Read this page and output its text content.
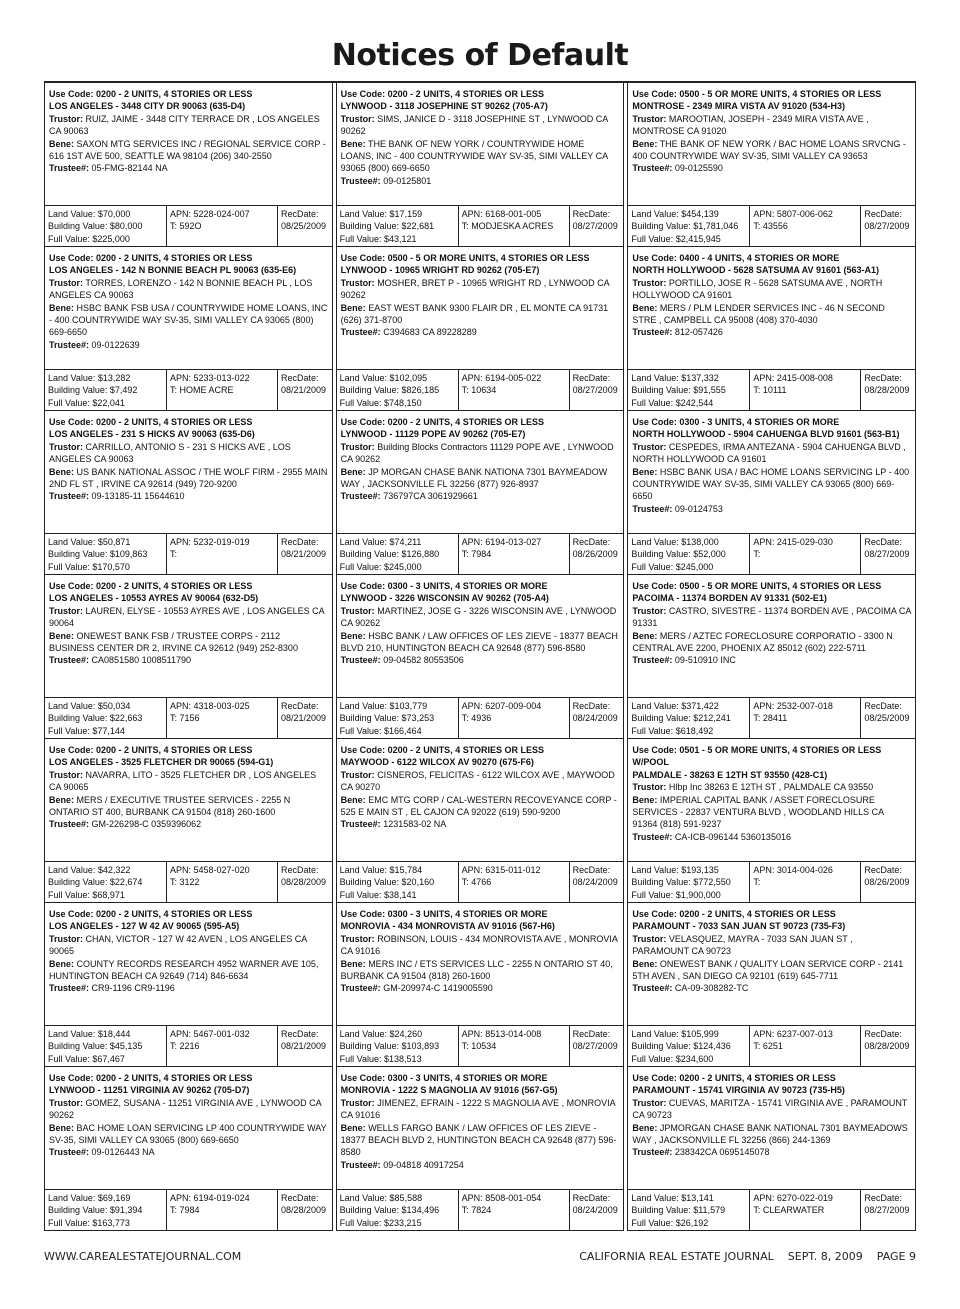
Notices of Default
Use Code: 0200 - 2 UNITS, 4 STORIES OR LESS
LOS ANGELES - 3448 CITY DR 90063 (635-D4)
Trustor: RUIZ, JAIME - 3448 CITY TERRACE DR , LOS ANGELES CA 90063
Bene: SAXON MTG SERVICES INC / REGIONAL SERVICE CORP - 616 1ST AVE 500, SEATTLE WA 98104 (206) 340-2550
Trustee#: 05-FMG-82144 NA
Land Value: $70,000
Building Value: $80,000
Full Value: $225,000
APN: 5228-024-007
T: 592O
RecDate:
08/25/2009
Use Code: 0200 - 2 UNITS, 4 STORIES OR LESS
LYNWOOD - 3118 JOSEPHINE ST 90262 (705-A7)
Trustor: SIMS, JANICE D - 3118 JOSEPHINE ST , LYNWOOD CA 90262
Bene: THE BANK OF NEW YORK / COUNTRYWIDE HOME LOANS, INC - 400 COUNTRYWIDE WAY SV-35, SIMI VALLEY CA 93065 (800) 669-6650
Trustee#: 09-0125801
Land Value: $17,159
Building Value: $22,681
Full Value: $43,121
APN: 6168-001-005
T: MODJESKA ACRES
RecDate:
08/27/2009
Use Code: 0500 - 5 OR MORE UNITS, 4 STORIES OR LESS
MONTROSE - 2349 MIRA VISTA AV 91020 (534-H3)
Trustor: MAROOTIAN, JOSEPH - 2349 MIRA VISTA AVE , MONTROSE CA 91020
Bene: THE BANK OF NEW YORK / BAC HOME LOANS SRVCNG - 400 COUNTRYWIDE WAY SV-35, SIMI VALLEY CA 93653
Trustee#: 09-0125590
Land Value: $454,139
Building Value: $1,781,046
Full Value: $2,415,945
APN: 5807-006-062
T: 43556
RecDate:
08/27/2009
Use Code: 0200 - 2 UNITS, 4 STORIES OR LESS
LOS ANGELES - 142 N BONNIE BEACH PL 90063 (635-E6)
Trustor: TORRES, LORENZO - 142 N BONNIE BEACH PL , LOS ANGELES CA 90063
Bene: HSBC BANK FSB USA / COUNTRYWIDE HOME LOANS, INC - 400 COUNTRYWIDE WAY SV-35, SIMI VALLEY CA 93065 (800) 669-6650
Trustee#: 09-0122639
Land Value: $13,282
Building Value: $7,492
Full Value: $22,041
APN: 5233-013-022
T: HOME ACRE
RecDate:
08/21/2009
Use Code: 0500 - 5 OR MORE UNITS, 4 STORIES OR LESS
LYNWOOD - 10965 WRIGHT RD 90262 (705-E7)
Trustor: MOSHER, BRET P - 10965 WRIGHT RD , LYNWOOD CA 90262
Bene: EAST WEST BANK 9300 FLAIR DR , EL MONTE CA 91731 (626) 371-8700
Trustee#: C394683 CA 89228289
Land Value: $102,095
Building Value: $826,185
Full Value: $748,150
APN: 6194-005-022
T: 10634
RecDate:
08/27/2009
Use Code: 0400 - 4 UNITS, 4 STORIES OR MORE
NORTH HOLLYWOOD - 5628 SATSUMA AV 91601 (563-A1)
Trustor: PORTILLO, JOSE R - 5628 SATSUMA AVE , NORTH HOLLYWOOD CA 91601
Bene: MERS / PLM LENDER SERVICES INC - 46 N SECOND STRE , CAMPBELL CA 95008 (408) 370-4030
Trustee#: 812-057426
Land Value: $137,332
Building Value: $91,555
Full Value: $242,544
APN: 2415-008-008
T: 10111
RecDate:
08/28/2009
Use Code: 0200 - 2 UNITS, 4 STORIES OR LESS
LOS ANGELES - 231 S HICKS AV 90063 (635-D6)
Trustor: CARRILLO, ANTONIO S - 231 S HICKS AVE , LOS ANGELES CA 90063
Bene: US BANK NATIONAL ASSOC / THE WOLF FIRM - 2955 MAIN 2ND FL ST , IRVINE CA 92614 (949) 720-9200
Trustee#: 09-13185-11 15644610
Land Value: $50,871
Building Value: $109,863
Full Value: $170,570
APN: 5232-019-019
T:
RecDate:
08/21/2009
Use Code: 0200 - 2 UNITS, 4 STORIES OR LESS
LYNWOOD - 11129 POPE AV 90262 (705-E7)
Trustor: Building Blocks Contractors 11129 POPE AVE , LYNWOOD CA 90262
Bene: JP MORGAN CHASE BANK NATIONA 7301 BAYMEADOW WAY , JACKSONVILLE FL 32256 (877) 926-8937
Trustee#: 736797CA 3061929661
Land Value: $74,211
Building Value: $126,880
Full Value: $245,000
APN: 6194-013-027
T: 7984
RecDate:
08/26/2009
Use Code: 0300 - 3 UNITS, 4 STORIES OR MORE
NORTH HOLLYWOOD - 5904 CAHUENGA BLVD 91601 (563-B1)
Trustor: CESPEDES, IRMA ANTEZANA - 5904 CAHUENGA BLVD , NORTH HOLLYWOOD CA 91601
Bene: HSBC BANK USA / BAC HOME LOANS SERVICING LP - 400 COUNTRYWIDE WAY SV-35, SIMI VALLEY CA 93065 (800) 669-6650
Trustee#: 09-0124753
Land Value: $138,000
Building Value: $52,000
Full Value: $245,000
APN: 2415-029-030
T:
RecDate:
08/27/2009
Use Code: 0200 - 2 UNITS, 4 STORIES OR LESS
LOS ANGELES - 10553 AYRES AV 90064 (632-D5)
Trustor: LAUREN, ELYSE - 10553 AYRES AVE , LOS ANGELES CA 90064
Bene: ONEWEST BANK FSB / TRUSTEE CORPS - 2112 BUSINESS CENTER DR 2, IRVINE CA 92612 (949) 252-8300
Trustee#: CA0851580 1008511790
Land Value: $50,034
Building Value: $22,663
Full Value: $77,144
APN: 4318-003-025
T: 7156
RecDate:
08/21/2009
Use Code: 0300 - 3 UNITS, 4 STORIES OR MORE
LYNWOOD - 3226 WISCONSIN AV 90262 (705-A4)
Trustor: MARTINEZ, JOSE G - 3226 WISCONSIN AVE , LYNWOOD CA 90262
Bene: HSBC BANK / LAW OFFICES OF LES ZIEVE - 18377 BEACH BLVD 210, HUNTINGTON BEACH CA 92648 (877) 596-8580
Trustee#: 09-04582 80553506
Land Value: $103,779
Building Value: $73,253
Full Value: $166,464
APN: 6207-009-004
T: 4936
RecDate:
08/24/2009
Use Code: 0500 - 5 OR MORE UNITS, 4 STORIES OR LESS
PACOIMA - 11374 BORDEN AV 91331 (502-E1)
Trustor: CASTRO, SIVESTRE - 11374 BORDEN AVE , PACOIMA CA 91331
Bene: MERS / AZTEC FORECLOSURE CORPORATIO - 3300 N CENTRAL AVE 2200, PHOENIX AZ 85012 (602) 222-5711
Trustee#: 09-510910 INC
Land Value: $371,422
Building Value: $212,241
Full Value: $618,492
APN: 2532-007-018
T: 28411
RecDate:
08/25/2009
Use Code: 0200 - 2 UNITS, 4 STORIES OR LESS
LOS ANGELES - 3525 FLETCHER DR 90065 (594-G1)
Trustor: NAVARRA, LITO - 3525 FLETCHER DR , LOS ANGELES CA 90065
Bene: MERS / EXECUTIVE TRUSTEE SERVICES - 2255 N ONTARIO ST 400, BURBANK CA 91504 (818) 260-1600
Trustee#: GM-226298-C 0359396062
Land Value: $42,322
Building Value: $22,674
Full Value: $68,971
APN: 5458-027-020
T: 3122
RecDate:
08/28/2009
Use Code: 0200 - 2 UNITS, 4 STORIES OR LESS
MAYWOOD - 6122 WILCOX AV 90270 (675-F6)
Trustor: CISNEROS, FELICITAS - 6122 WILCOX AVE , MAYWOOD CA 90270
Bene: EMC MTG CORP / CAL-WESTERN RECOVEYANCE CORP - 525 E MAIN ST , EL CAJON CA 92022 (619) 590-9200
Trustee#: 1231583-02 NA
Land Value: $15,784
Building Value: $20,160
Full Value: $38,141
APN: 6315-011-012
T: 4766
RecDate:
08/24/2009
Use Code: 0501 - 5 OR MORE UNITS, 4 STORIES OR LESS W/POOL
PALMDALE - 38263 E 12TH ST 93550 (428-C1)
Trustor: Hlbp Inc 38263 E 12TH ST , PALMDALE CA 93550
Bene: IMPERIAL CAPITAL BANK / ASSET FORECLOSURE SERVICES - 22837 VENTURA BLVD , WOODLAND HILLS CA 91364 (818) 591-9237
Trustee#: CA-ICB-096144 5360135016
Land Value: $193,135
Building Value: $772,550
Full Value: $1,900,000
APN: 3014-004-026
T:
RecDate:
08/26/2009
Use Code: 0200 - 2 UNITS, 4 STORIES OR LESS
LOS ANGELES - 127 W 42 AV 90065 (595-A5)
Trustor: CHAN, VICTOR - 127 W 42 AVEN , LOS ANGELES CA 90065
Bene: COUNTY RECORDS RESEARCH 4952 WARNER AVE 105, HUNTINGTON BEACH CA 92649 (714) 846-6634
Trustee#: CR9-1196 CR9-1196
Land Value: $18,444
Building Value: $45,135
Full Value: $67,467
APN: 5467-001-032
T: 2216
RecDate:
08/21/2009
Use Code: 0300 - 3 UNITS, 4 STORIES OR MORE
MONROVIA - 434 MONROVISTA AV 91016 (567-H6)
Trustor: ROBINSON, LOUIS - 434 MONROVISTA AVE , MONROVIA CA 91016
Bene: MERS INC / ETS SERVICES LLC - 2255 N ONTARIO ST 40, BURBANK CA 91504 (818) 260-1600
Trustee#: GM-209974-C 1419005590
Land Value: $24,260
Building Value: $103,893
Full Value: $138,513
APN: 8513-014-008
T: 10534
RecDate:
08/27/2009
Use Code: 0200 - 2 UNITS, 4 STORIES OR LESS
PARAMOUNT - 7033 SAN JUAN ST 90723 (735-F3)
Trustor: VELASQUEZ, MAYRA - 7033 SAN JUAN ST , PARAMOUNT CA 90723
Bene: ONEWEST BANK / QUALITY LOAN SERVICE CORP - 2141 5TH AVEN , SAN DIEGO CA 92101 (619) 645-7711
Trustee#: CA-09-308282-TC
Land Value: $105,999
Building Value: $124,436
Full Value: $234,600
APN: 6237-007-013
T: 6251
RecDate:
08/28/2009
Use Code: 0200 - 2 UNITS, 4 STORIES OR LESS
LYNWOOD - 11251 VIRGINIA AV 90262 (705-D7)
Trustor: GOMEZ, SUSANA - 11251 VIRGINIA AVE , LYNWOOD CA 90262
Bene: BAC HOME LOAN SERVICING LP 400 COUNTRYWIDE WAY SV-35, SIMI VALLEY CA 93065 (800) 669-6650
Trustee#: 09-0126443 NA
Land Value: $69,169
Building Value: $91,394
Full Value: $163,773
APN: 6194-019-024
T: 7984
RecDate:
08/28/2009
Use Code: 0300 - 3 UNITS, 4 STORIES OR MORE
MONROVIA - 1222 S MAGNOLIA AV 91016 (567-G5)
Trustor: JIMENEZ, EFRAIN - 1222 S MAGNOLIA AVE , MONROVIA CA 91016
Bene: WELLS FARGO BANK / LAW OFFICES OF LES ZIEVE - 18377 BEACH BLVD 2, HUNTINGTON BEACH CA 92648 (877) 596-8580
Trustee#: 09-04818 40917254
Land Value: $85,588
Building Value: $134,496
Full Value: $233,215
APN: 8508-001-054
T: 7824
RecDate:
08/24/2009
Use Code: 0200 - 2 UNITS, 4 STORIES OR LESS
PARAMOUNT - 15741 VIRGINIA AV 90723 (735-H5)
Trustor: CUEVAS, MARITZA - 15741 VIRGINIA AVE , PARAMOUNT CA 90723
Bene: JPMORGAN CHASE BANK NATIONAL 7301 BAYMEADOWS WAY , JACKSONVILLE FL 32256 (866) 244-1369
Trustee#: 238342CA 0695145078
Land Value: $13,141
Building Value: $11,579
Full Value: $26,192
APN: 6270-022-019
T: CLEARWATER
RecDate:
08/27/2009
WWW.CAREALESTATEJOURNAL.COM	CALIFORNIA REAL ESTATE JOURNAL SEPT. 8, 2009 PAGE 9
